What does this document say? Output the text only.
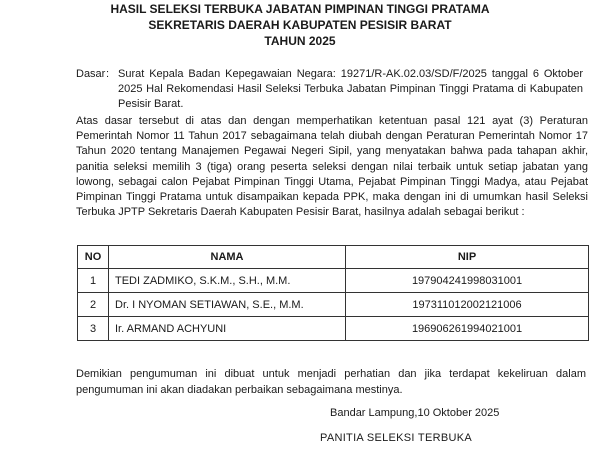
HASIL SELEKSI TERBUKA JABATAN PIMPINAN TINGGI PRATAMA
SEKRETARIS DAERAH KABUPATEN PESISIR BARAT
TAHUN 2025
Dasar : Surat Kepala Badan Kepegawaian Negara: 19271/R-AK.02.03/SD/F/2025 tanggal 6 Oktober 2025 Hal Rekomendasi Hasil Seleksi Terbuka Jabatan Pimpinan Tinggi Pratama di Kabupaten Pesisir Barat.
Atas dasar tersebut di atas dan dengan memperhatikan ketentuan pasal 121 ayat (3) Peraturan Pemerintah Nomor 11 Tahun 2017 sebagaimana telah diubah dengan Peraturan Pemerintah Nomor 17 Tahun 2020 tentang Manajemen Pegawai Negeri Sipil, yang menyatakan bahwa pada tahapan akhir, panitia seleksi memilih 3 (tiga) orang peserta seleksi dengan nilai terbaik untuk setiap jabatan yang lowong, sebagai calon Pejabat Pimpinan Tinggi Utama, Pejabat Pimpinan Tinggi Madya, atau Pejabat Pimpinan Tinggi Pratama untuk disampaikan kepada PPK, maka dengan ini di umumkan hasil Seleksi Terbuka JPTP Sekretaris Daerah Kabupaten Pesisir Barat, hasilnya adalah sebagai berikut :
NO	NAMA	NIP
1	TEDI ZADMIKO, S.K.M., S.H., M.M.	197904241998031001
2	Dr. I NYOMAN SETIAWAN, S.E., M.M.	197311012002121006
3	Ir. ARMAND ACHYUNI	196906261994021001
Demikian pengumuman ini dibuat untuk menjadi perhatian dan jika terdapat kekeliruan dalam pengumuman ini akan diadakan perbaikan sebagaimana mestinya.
Bandar Lampung,10 Oktober 2025
PANITIA SELEKSI TERBUKA
